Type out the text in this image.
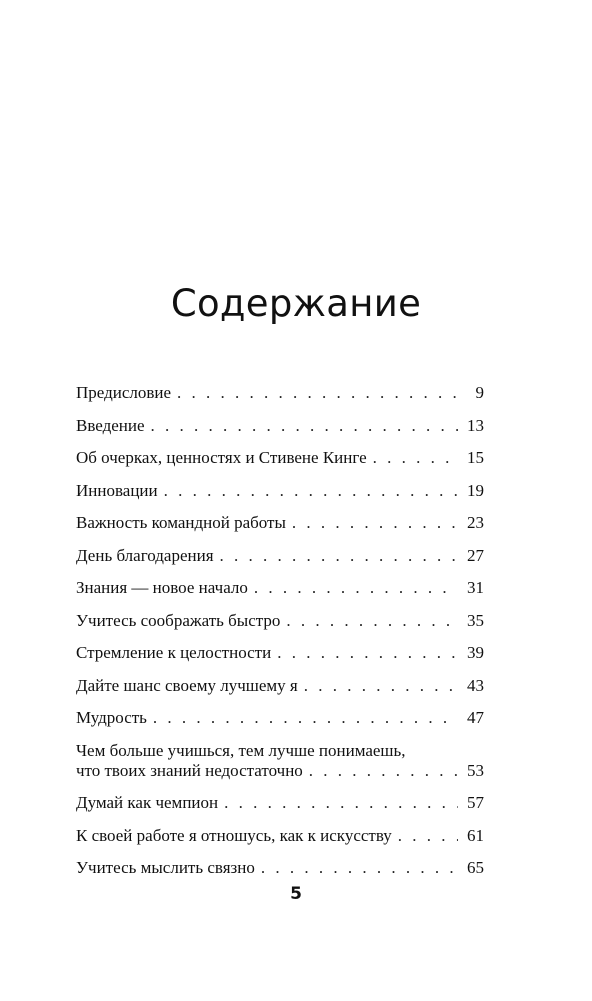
Содержание
Предисловие . . .	9
Введение . . .	13
Об очерках, ценностях и Стивене Кинге . . .	15
Инновации . . .	19
Важность командной работы . . .	23
День благодарения . . .	27
Знания — новое начало . . .	31
Учитесь соображать быстро . . .	35
Стремление к целостности . . .	39
Дайте шанс своему лучшему я . . .	43
Мудрость . . .	47
Чем больше учишься, тем лучше понимаешь,
что твоих знаний недостаточно . . .	53
Думай как чемпион . . .	57
К своей работе я отношусь, как к искусству . . .	61
Учитесь мыслить связно . . .	65
5
